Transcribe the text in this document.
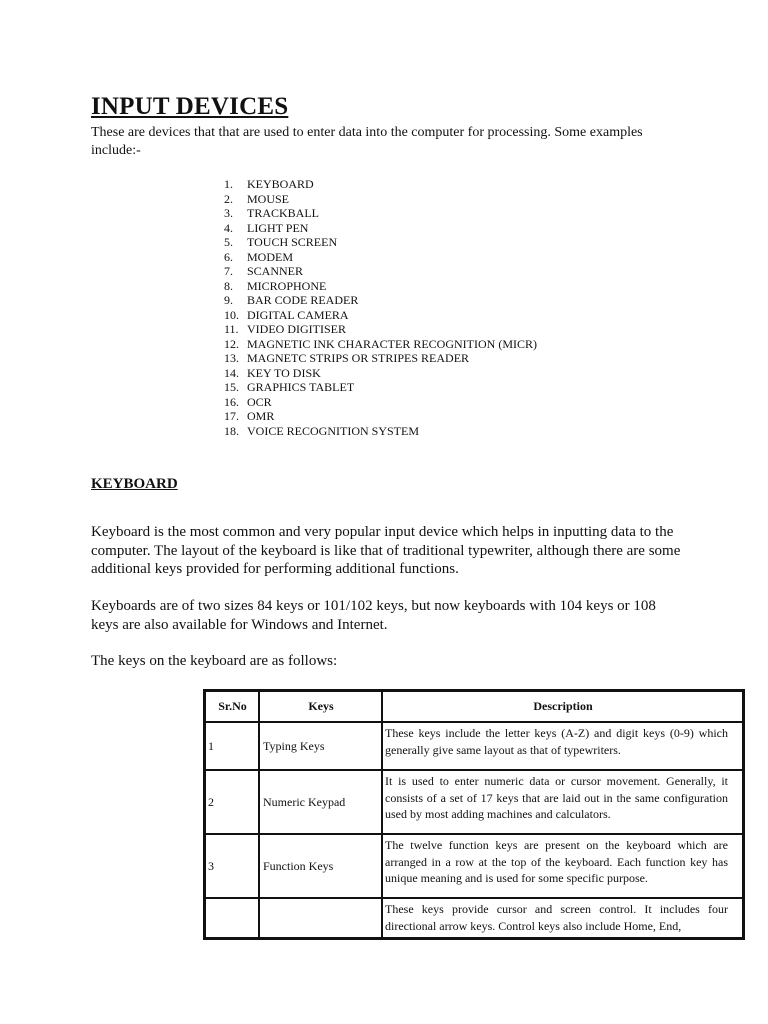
INPUT DEVICES

These are devices that that are used to enter data into the computer for processing. Some examples include:-

1.	KEYBOARD
2.	MOUSE
3.	TRACKBALL
4.	LIGHT PEN
5.	TOUCH SCREEN
6.	MODEM
7.	SCANNER
8.	MICROPHONE
9.	BAR CODE READER
10. DIGITAL CAMERA
11. VIDEO DIGITISER
12. MAGNETIC INK CHARACTER RECOGNITION (MICR)
13. MAGNETC STRIPS OR STRIPES READER
14. KEY TO DISK
15. GRAPHICS TABLET
16. OCR
17. OMR
18. VOICE RECOGNITION SYSTEM
KEYBOARD

Keyboard is the most common and very popular input device which helps in inputting data to the computer. The layout of the keyboard is like that of traditional typewriter, although there are some additional keys provided for performing additional functions.

Keyboards are of two sizes 84 keys or 101/102 keys, but now keyboards with 104 keys or 108 keys are also available for Windows and Internet.

The keys on the keyboard are as follows:

Sr.No	Keys	Description
1	Typing Keys	These keys include the letter keys (A-Z) and digit keys (0-9) which generally give same layout as that of typewriters.
2	Numeric Keypad	It is used to enter numeric data or cursor movement. Generally, it consists of a set of 17 keys that are laid out in the same configuration used by most adding machines and calculators.
3	Function Keys	The twelve function keys are present on the keyboard which are arranged in a row at the top of the keyboard. Each function key has unique meaning and is used for some specific purpose.
		These keys provide cursor and screen control. It includes four directional arrow keys. Control keys also include Home, End,
